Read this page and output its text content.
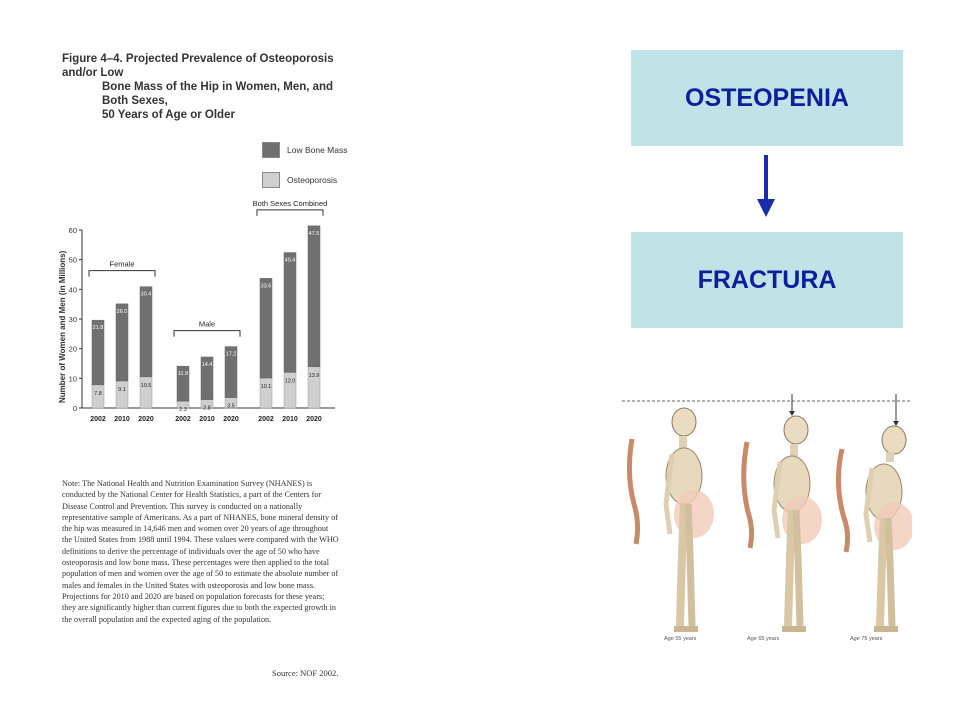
Figure 4–4. Projected Prevalence of Osteoporosis and/or Low
Bone Mass of the Hip in Women, Men, and Both Sexes,
50 Years of Age or Older
Low Bone Mass
Osteoporosis
0
10
20
30
40
50
60
Number of Women and Men (in Millions)	7.8
21.8
2002
9.1
26.0
2010
10.5
30.4
2020
Female
2.3
11.8
2002
2.8
14.4
2010
3.5
17.2
2020
Male
10.1
33.6
2002
12.0
40.4
2010
13.9
47.5
2020
Both Sexes Combined
Note: The National Health and Nutrition Examination Survey (NHANES) is conducted by the National Center for Health Statistics, a part of the Centers for Disease Control and Prevention. This survey is conducted on a nationally representative sample of Americans. As a part of NHANES, bone mineral density of the hip was measured in 14,646 men and women over 20 years of age throughout the United States from 1988 until 1994. These values were compared with the WHO definitions to derive the percentage of individuals over the age of 50 who have osteoporosis and low bone mass. These percentages were then applied to the total population of men and women over the age of 50 to estimate the absolute number of males and females in the United States with osteoporosis and low bone mass. Projections for 2010 and 2020 are based on population forecasts for these years; they are significantly higher than current figures due to both the expected growth in the overall population and the expected aging of the population.
Source: NOF 2002.
OSTEOPENIA
FRACTURA
Age 55 years	Age 65 years	Age 75 years
